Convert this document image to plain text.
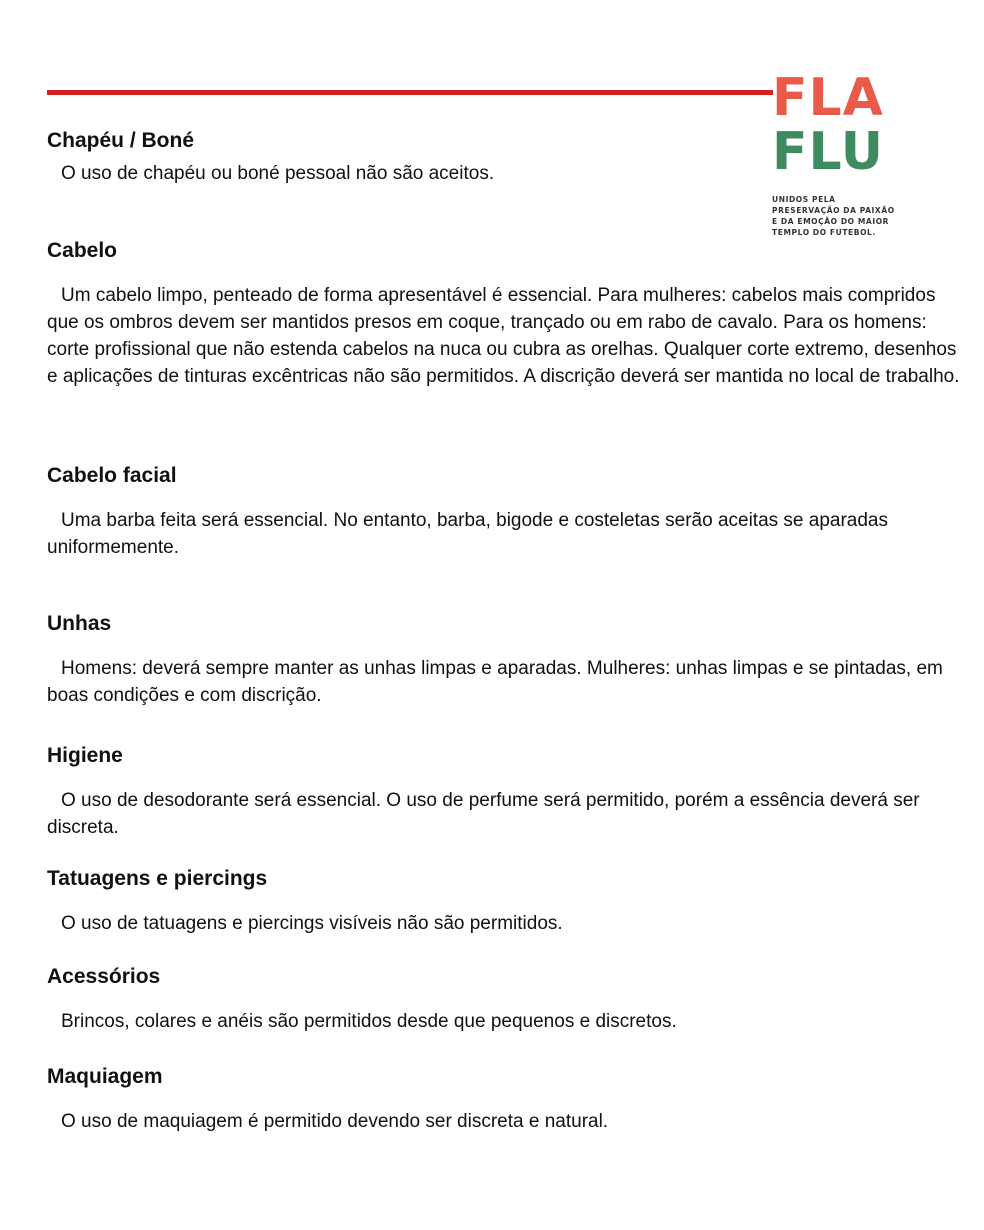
FLA
FLU
UNIDOS PELA PRESERVAÇÃO DA PAIXÃO E DA EMOÇÃO DO MAIOR TEMPLO DO FUTEBOL.
Chapéu / Boné

O uso de chapéu ou boné pessoal não são aceitos.

Cabelo

Um cabelo limpo, penteado de forma apresentável é essencial. Para mulheres: cabelos mais compridos que os ombros devem ser mantidos presos em coque, trançado ou em rabo de cavalo. Para os homens: corte profissional que não estenda cabelos na nuca ou cubra as orelhas. Qualquer corte extremo, desenhos e aplicações de tinturas excêntricas não são permitidos. A discrição deverá ser mantida no local de trabalho.

Cabelo facial

Uma barba feita será essencial. No entanto, barba, bigode e costeletas serão aceitas se aparadas uniformemente.

Unhas

Homens: deverá sempre manter as unhas limpas e aparadas. Mulheres: unhas limpas e se pintadas, em boas condições e com discrição.

Higiene

O uso de desodorante será essencial. O uso de perfume será permitido, porém a essência deverá ser discreta.

Tatuagens e piercings

O uso de tatuagens e piercings visíveis não são permitidos.

Acessórios

Brincos, colares e anéis são permitidos desde que pequenos e discretos.

Maquiagem

O uso de maquiagem é permitido devendo ser discreta e natural.
